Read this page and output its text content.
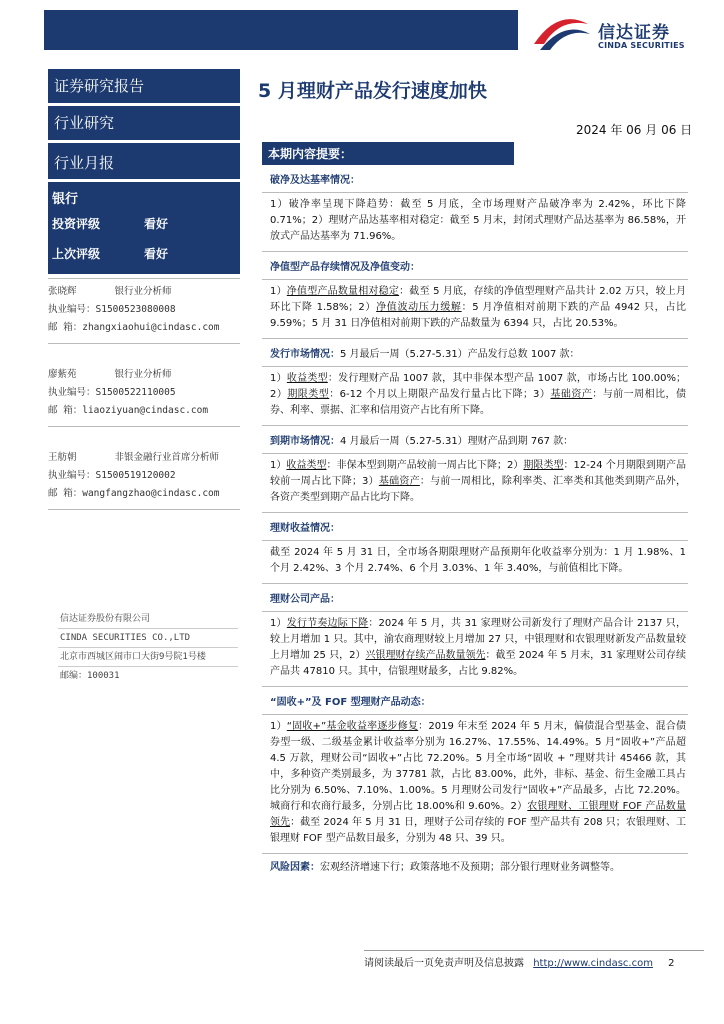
信达证券
CINDA SECURITIES
证券研究报告
行业研究
行业月报
银行
投资评级	看好
上次评级	看好
张晓辉	银行业分析师
执业编号：S1500523080008
邮 箱：zhangxiaohui@cindasc.com
廖紫苑	银行业分析师
执业编号：S1500522110005
邮 箱：liaoziyuan@cindasc.com
王舫朝	非银金融行业首席分析师
执业编号：S1500519120002
邮 箱：wangfangzhao@cindasc.com
信达证券股份有限公司
CINDA SECURITIES CO.,LTD
北京市西城区闹市口大街9号院1号楼
邮编：100031
5 月理财产品发行速度加快
2024 年 06 月 06 日
本期内容提要：
破净及达基率情况：
1）破净率呈现下降趋势：截至 5 月底，全市场理财产品破净率为 2.42%，环比下降 0.71%；2）理财产品达基率相对稳定：截至 5 月末，封闭式理财产品达基率为 86.58%，开放式产品达基率为 71.96%。
净值型产品存续情况及净值变动：
1）净值型产品数量相对稳定：截至 5 月底，存续的净值型理财产品共计 2.02 万只，较上月环比下降 1.58%；2）净值波动压力缓解：5 月净值相对前期下跌的产品 4942 只，占比 9.59%；5 月 31 日净值相对前期下跌的产品数量为 6394 只，占比 20.53%。
发行市场情况：5 月最后一周（5.27-5.31）产品发行总数 1007 款：
1）收益类型：发行理财产品 1007 款，其中非保本型产品 1007 款，市场占比 100.00%；2）期限类型：6-12 个月以上期限产品发行量占比下降；3）基础资产：与前一周相比，债券、利率、票据、汇率和信用资产占比有所下降。
到期市场情况：4 月最后一周（5.27-5.31）理财产品到期 767 款：
1）收益类型：非保本型到期产品较前一周占比下降；2）期限类型：12-24 个月期限到期产品较前一周占比下降；3）基础资产：与前一周相比，除利率类、汇率类和其他类到期产品外，各资产类型到期产品占比均下降。
理财收益情况：
截至 2024 年 5 月 31 日，全市场各期限理财产品预期年化收益率分别为：1 月 1.98%、1 个月 2.42%、3 个月 2.74%、6 个月 3.03%、1 年 3.40%，与前值相比下降。
理财公司产品：
1）发行节奏边际下降：2024 年 5 月，共 31 家理财公司新发行了理财产品合计 2137 只，较上月增加 1 只。其中，渝农商理财较上月增加 27 只，中银理财和农银理财新发产品数量较上月增加 25 只，2）兴银理财存续产品数量领先：截至 2024 年 5 月末，31 家理财公司存续产品共 47810 只。其中，信银理财最多，占比 9.82%。
“固收+”及 FOF 型理财产品动态：
1）“固收+”基金收益率逐步修复：2019 年末至 2024 年 5 月末，偏债混合型基金、混合债券型一级、二级基金累计收益率分别为 16.27%、17.55%、14.49%。5 月“固收+”产品超 4.5 万款，理财公司“固收+”占比 72.20%。5 月全市场“固收 + ”理财共计 45466 款，其中，多种资产类别最多，为 37781 款，占比 83.00%，此外，非标、基金、衍生金融工具占比分别为 6.50%、7.10%、1.00%。5 月理财公司发行“固收+”产品最多，占比 72.20%。城商行和农商行最多，分别占比 18.00%和 9.60%。2）农银理财、工银理财 FOF 产品数量领先：截至 2024 年 5 月 31 日，理财子公司存续的 FOF 型产品共有 208 只；农银理财、工银理财 FOF 型产品数目最多，分别为 48 只、39 只。
风险因素：宏观经济增速下行；政策落地不及预期；部分银行理财业务调整等。
请阅读最后一页免责声明及信息披露 http://www.cindasc.com 2
